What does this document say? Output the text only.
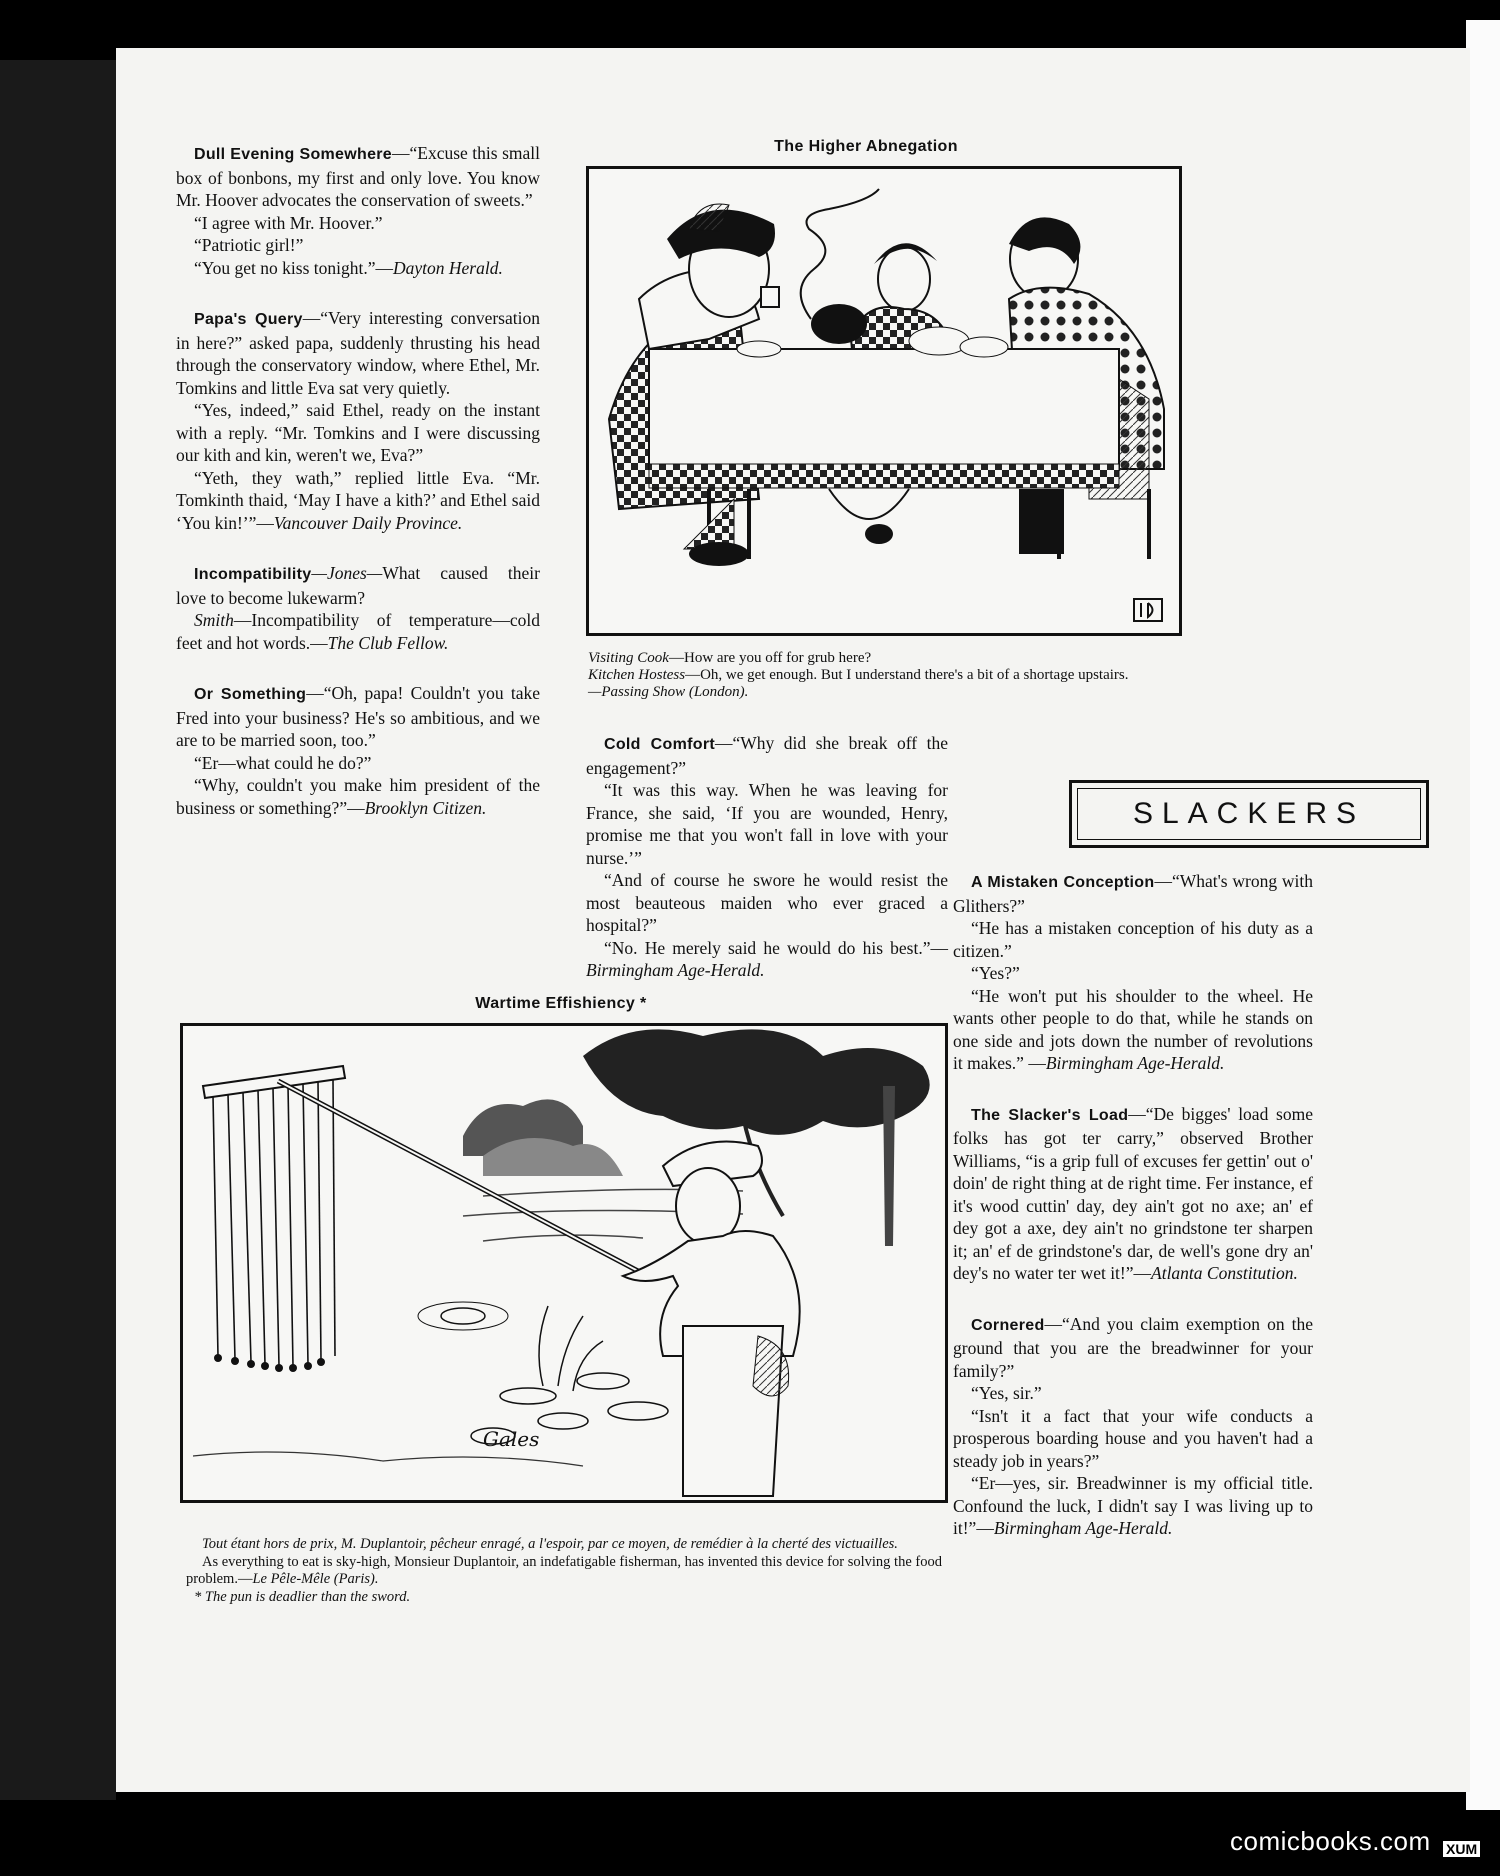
Dull Evening Somewhere—“Excuse this small box of bonbons, my first and only love. You know Mr. Hoover advocates the conservation of sweets.”

“I agree with Mr. Hoover.”

“Patriotic girl!”

“You get no kiss tonight.”—Dayton Herald.

Papa's Query—“Very interesting conversation in here?” asked papa, suddenly thrusting his head through the conservatory window, where Ethel, Mr. Tomkins and little Eva sat very quietly.

“Yes, indeed,” said Ethel, ready on the instant with a reply. “Mr. Tomkins and I were discussing our kith and kin, weren't we, Eva?”

“Yeth, they wath,” replied little Eva. “Mr. Tomkinth thaid, ‘May I have a kith?’ and Ethel said ‘You kin!’”—Vancouver Daily Province.

Incompatibility—Jones—What caused their love to become lukewarm?

Smith—Incompatibility of temperature—cold feet and hot words.—The Club Fellow.

Or Something—“Oh, papa! Couldn't you take Fred into your business? He's so ambitious, and we are to be married soon, too.”

“Er—what could he do?”

“Why, couldn't you make him president of the business or something?”—Brooklyn Citizen.

The Higher Abnegation
Visiting Cook—How are you off for grub here?
Kitchen Hostess—Oh, we get enough. But I understand there's a bit of a shortage upstairs.
—Passing Show (London).

Cold Comfort—“Why did she break off the engagement?”

“It was this way. When he was leaving for France, she said, ‘If you are wounded, Henry, promise me that you won't fall in love with your nurse.’”

“And of course he swore he would resist the most beauteous maiden who ever graced a hospital?”

“No. He merely said he would do his best.”—Birmingham Age-Herald.

SLACKERS

A Mistaken Conception—“What's wrong with Glithers?”

“He has a mistaken conception of his duty as a citizen.”

“Yes?”

“He won't put his shoulder to the wheel. He wants other people to do that, while he stands on one side and jots down the number of revolutions it makes.” —Birmingham Age-Herald.

The Slacker's Load—“De bigges' load some folks has got ter carry,” observed Brother Williams, “is a grip full of excuses fer gettin' out o' doin' de right thing at de right time. Fer instance, ef it's wood cuttin' day, dey ain't got no axe; an' ef dey got a axe, dey ain't no grindstone ter sharpen it; an' ef de grindstone's dar, de well's gone dry an' dey's no water ter wet it!”—Atlanta Constitution.

Cornered—“And you claim exemption on the ground that you are the breadwinner for your family?”

“Yes, sir.”

“Isn't it a fact that your wife conducts a prosperous boarding house and you haven't had a steady job in years?”

“Er—yes, sir. Breadwinner is my official title. Confound the luck, I didn't say I was living up to it!”—Birmingham Age-Herald.

Wartime Effishiency *
Gales
Tout étant hors de prix, M. Duplantoir, pêcheur enragé, a l'espoir, par ce moyen, de remédier à la cherté des victuailles.
As everything to eat is sky-high, Monsieur Duplantoir, an indefatigable fisherman, has invented this device for solving the food problem.—Le Pêle-Mêle (Paris).
* The pun is deadlier than the sword.
comicbooks.com XUM
